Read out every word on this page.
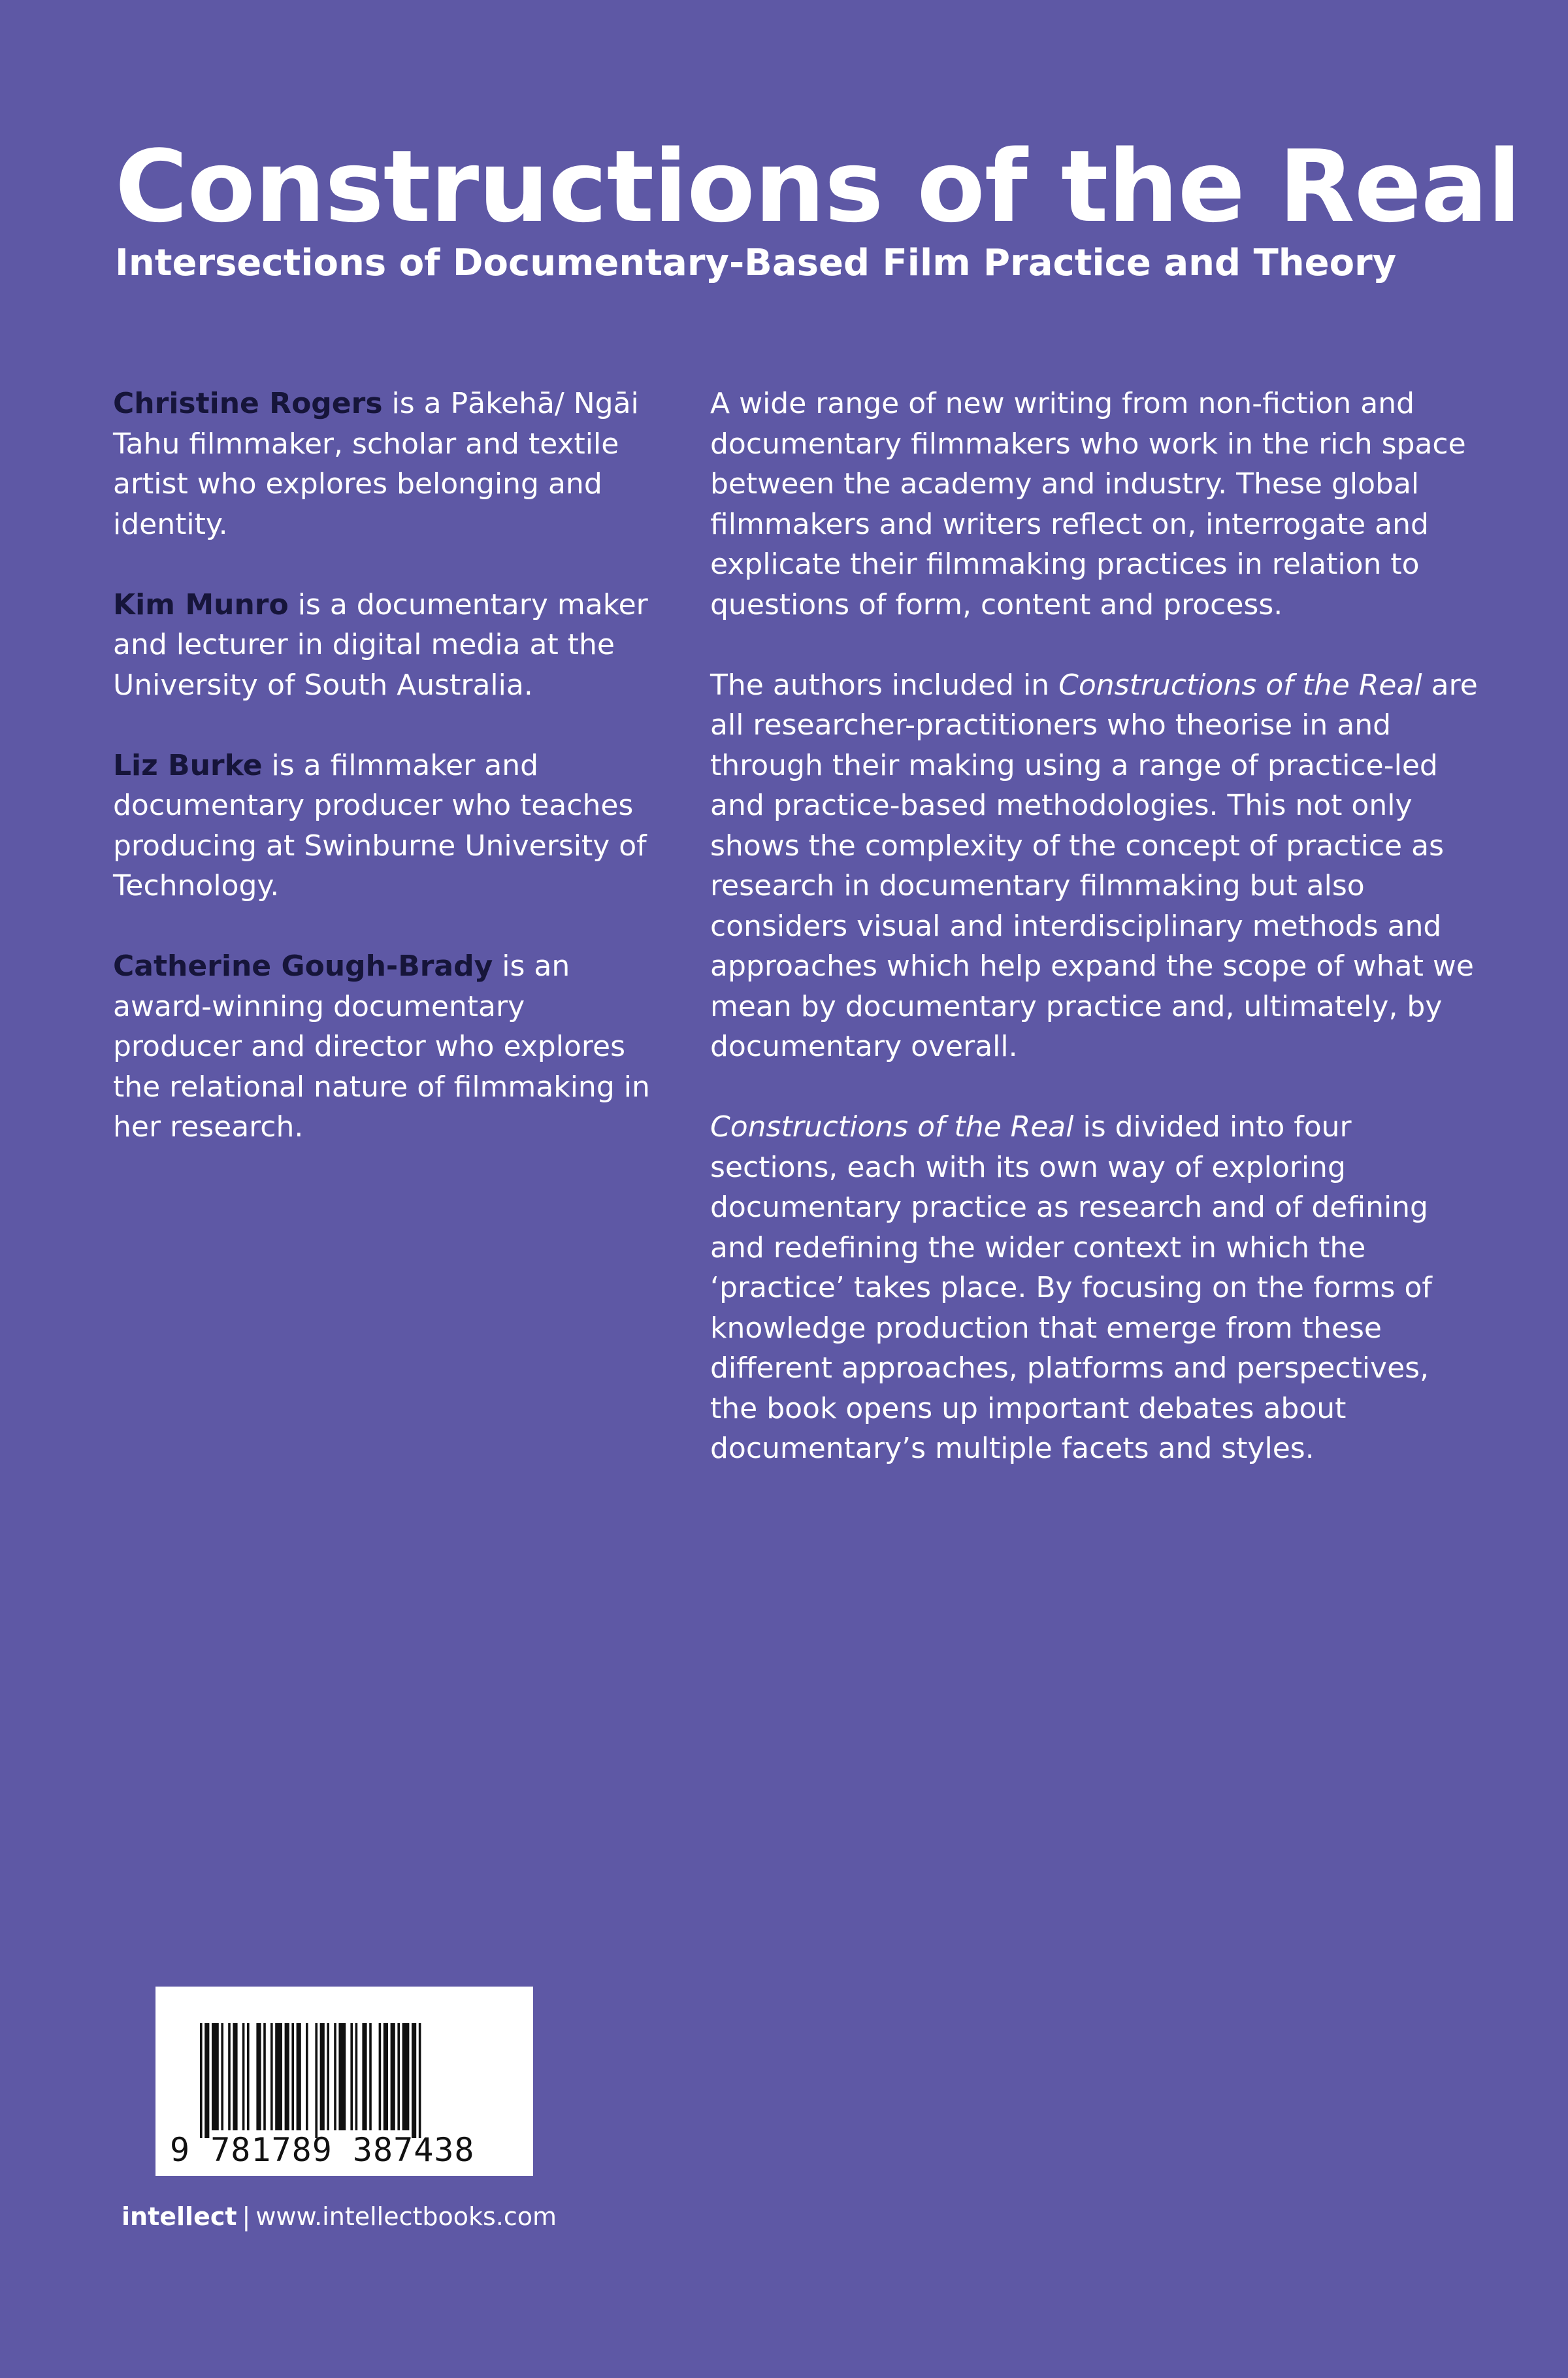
Constructions of the Real
Intersections of Documentary-Based Film Practice and Theory

Christine Rogers is a Pākehā/ Ngāi Tahu filmmaker, scholar and textile artist who explores belonging and identity.

Kim Munro is a documentary maker and lecturer in digital media at the University of South Australia.

Liz Burke is a filmmaker and documentary producer who teaches producing at Swinburne University of Technology.

Catherine Gough-Brady is an award-winning documentary producer and director who explores the relational nature of filmmaking in her research.

A wide range of new writing from non-fiction and documentary filmmakers who work in the rich space between the academy and industry. These global filmmakers and writers reflect on, interrogate and explicate their filmmaking practices in relation to questions of form, content and process.

The authors included in Constructions of the Real are all researcher-practitioners who theorise in and through their making using a range of practice-led and practice-based methodologies. This not only shows the complexity of the concept of practice as research in documentary filmmaking but also considers visual and interdisciplinary methods and approaches which help expand the scope of what we mean by documentary practice and, ultimately, by documentary overall.

Constructions of the Real is divided into four sections, each with its own way of exploring documentary practice as research and of defining and redefining the wider context in which the ‘practice’ takes place. By focusing on the forms of knowledge production that emerge from these different approaches, platforms and perspectives, the book opens up important debates about documentary’s multiple facets and styles.

9 781789 387438
intellect | www.intellectbooks.com
